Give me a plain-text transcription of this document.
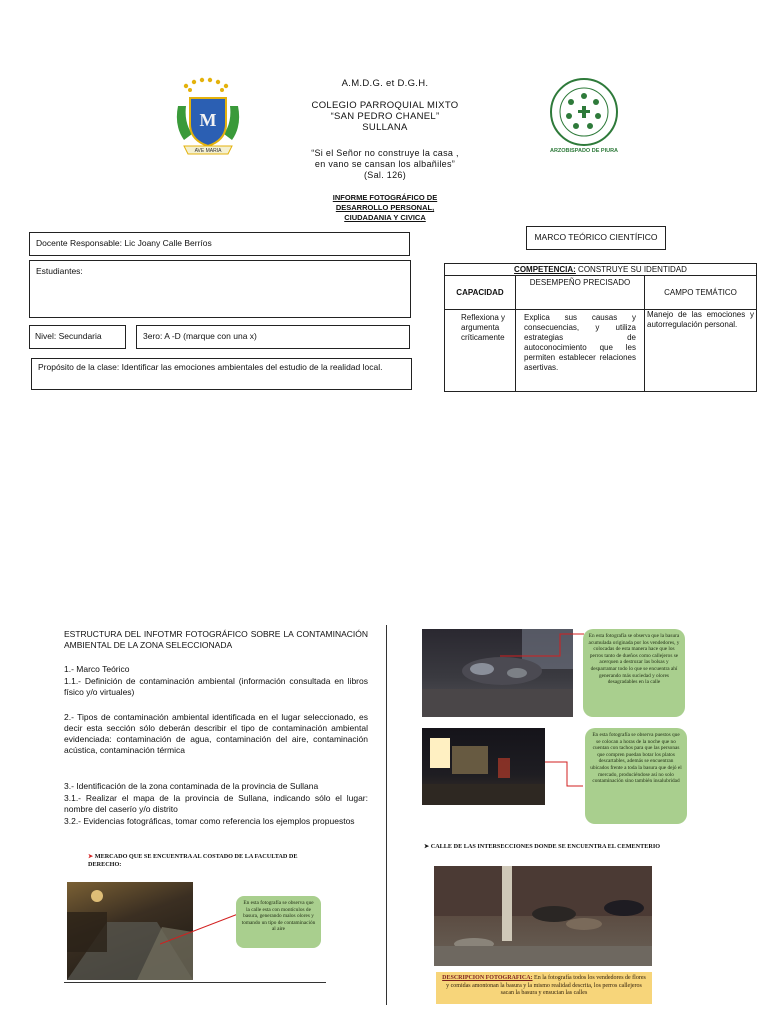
M
AVE MARIA
A.M.D.G. et D.G.H.
COLEGIO PARROQUIAL MIXTO
“SAN PEDRO CHANEL”
SULLANA
“Si el Señor no construye la casa ,
en vano se cansan los albañiles”
(Sal. 126)
INFORME FOTOGRÁFICO DE
DESARROLLO PERSONAL,
CIUDADANIA Y CIVICA
ARZOBISPADO DE PIURA
Docente Responsable: Lic Joany Calle Berríos
Estudiantes:
Nivel: Secundaria	3ero: A -D (marque con una x)
Propósito de la clase: Identificar las emociones ambientales del estudio de la realidad local.
MARCO TEÓRICO CIENTÍFICO
COMPETENCIA: CONSTRUYE SU IDENTIDAD		
CAPACIDAD	DESEMPEÑO PRECISADO	CAMPO TEMÁTICO
Reflexiona y argumenta críticamente	Explica sus causas y consecuencias, y utiliza estrategias de autoconocimiento que les permiten establecer relaciones asertivas.	Manejo de las emociones y autorregulación personal.
ESTRUCTURA DEL INFOTMR FOTOGRÁFICO SOBRE LA CONTAMINACIÓN AMBIENTAL DE LA ZONA SELECCIONADA
1.- Marco Teórico
1.1.- Definición de contaminación ambiental (información consultada en libros físico y/o virtuales)
2.- Tipos de contaminación ambiental identificada en el lugar seleccionado, es decir esta sección sólo deberán describir el tipo de contaminación ambiental evidenciada: contaminación de agua, contaminación del aire, contaminación acústica, contaminación térmica
3.- Identificación de la zona contaminada de la provincia de Sullana
3.1.- Realizar el mapa de la provincia de Sullana, indicando sólo el lugar: nombre del caserío y/o distrito
3.2.- Evidencias fotográficas, tomar como referencia los ejemplos propuestos
➤ MERCADO QUE SE ENCUENTRA AL COSTADO DE LA FACULTAD DE DERECHO:
En esta fotografía se observa que la calle esta con montículos de basura, generando malos olores y tomando un tipo de contaminación al aire
En esta fotografía se observa que la basura acumulada originada por los vendedores, y colocadas de esta manera hace que los perros tanto de dueños como callejeros se acerquen a destrozar las bolsas y desparramar todo lo que se encuentra ahí generando más suciedad y olores desagradables en la calle
En esta fotografía se observa puestos que se colocan a horas de la noche que no cuentan con tachos para que las personas que compren puedan botar los platos descartables, además se encuentran ubicados frente a toda la basura que dejó el mercado, produciéndose así no solo contaminación sino también insalubridad
➤ CALLE DE LAS INTERSECCIONES DONDE SE ENCUENTRA EL CEMENTERIO
DESCRIPCION FOTOGRAFICA: En la fotografía todos los vendedores de flores y comidas amontonan la basura y la mismo realidad descrita, los perros callejeros sacan la basura y ensucian las calles
